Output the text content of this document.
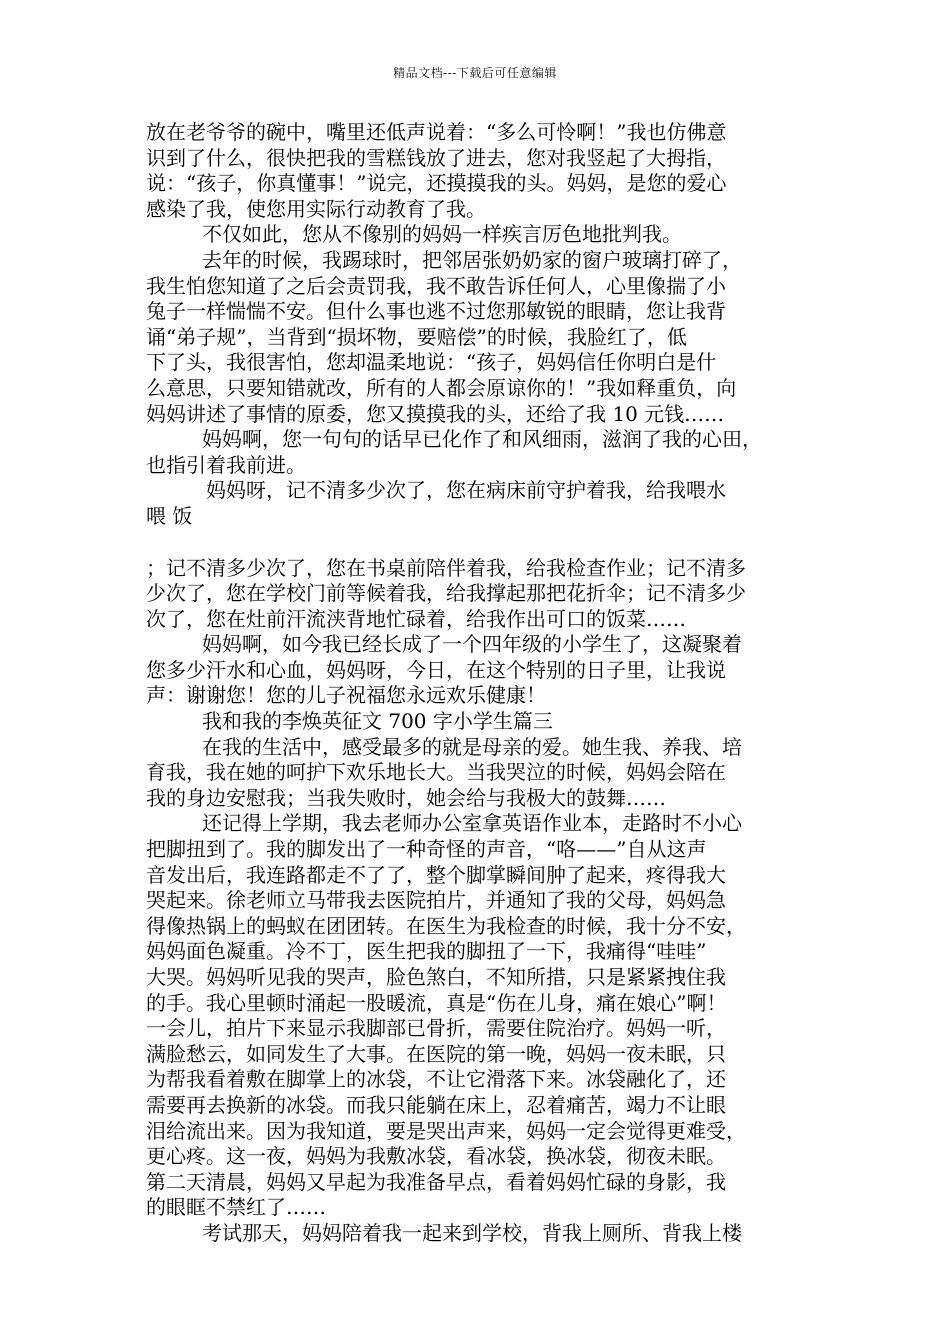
精品文档---下载后可任意编辑
放在老爷爷的碗中，嘴里还低声说着：“多么可怜啊！”我也仿佛意
识到了什么，很快把我的雪糕钱放了进去，您对我竖起了大拇指，
说：“孩子，你真懂事！”说完，还摸摸我的头。妈妈，是您的爱心
感染了我，使您用实际行动教育了我。
不仅如此，您从不像别的妈妈一样疾言厉色地批判我。
去年的时候，我踢球时，把邻居张奶奶家的窗户玻璃打碎了，
我生怕您知道了之后会责罚我，我不敢告诉任何人，心里像揣了小
兔子一样惴惴不安。但什么事也逃不过您那敏锐的眼睛，您让我背
诵“弟子规”，当背到“损坏物，要赔偿”的时候，我脸红了，低
下了头，我很害怕，您却温柔地说：“孩子，妈妈信任你明白是什
么意思，只要知错就改，所有的人都会原谅你的！”我如释重负，向
妈妈讲述了事情的原委，您又摸摸我的头，还给了我 10 元钱……
妈妈啊，您一句句的话早已化作了和风细雨，滋润了我的心田，
也指引着我前进。
妈妈呀，记不清多少次了，您在病床前守护着我，给我喂水
喂 饭
；记不清多少次了，您在书桌前陪伴着我，给我检查作业；记不清多
少次了，您在学校门前等候着我，给我撑起那把花折伞；记不清多少
次了，您在灶前汗流浃背地忙碌着，给我作出可口的饭菜……
妈妈啊，如今我已经长成了一个四年级的小学生了，这凝聚着
您多少汗水和心血，妈妈呀，今日，在这个特别的日子里，让我说
声：谢谢您！您的儿子祝福您永远欢乐健康！
我和我的李焕英征文 700 字小学生篇三
在我的生活中，感受最多的就是母亲的爱。她生我、养我、培
育我，我在她的呵护下欢乐地长大。当我哭泣的时候，妈妈会陪在
我的身边安慰我；当我失败时，她会给与我极大的鼓舞……
还记得上学期，我去老师办公室拿英语作业本，走路时不小心
把脚扭到了。我的脚发出了一种奇怪的声音，“咯——”自从这声
音发出后，我连路都走不了了，整个脚掌瞬间肿了起来，疼得我大
哭起来。徐老师立马带我去医院拍片，并通知了我的父母，妈妈急
得像热锅上的蚂蚁在团团转。在医生为我检查的时候，我十分不安，
妈妈面色凝重。冷不丁，医生把我的脚扭了一下，我痛得“哇哇”
大哭。妈妈听见我的哭声，脸色煞白，不知所措，只是紧紧拽住我
的手。我心里顿时涌起一股暖流，真是“伤在儿身，痛在娘心”啊！
一会儿，拍片下来显示我脚部已骨折，需要住院治疗。妈妈一听，
满脸愁云，如同发生了大事。在医院的第一晚，妈妈一夜未眠，只
为帮我看着敷在脚掌上的冰袋，不让它滑落下来。冰袋融化了，还
需要再去换新的冰袋。而我只能躺在床上，忍着痛苦，竭力不让眼
泪给流出来。因为我知道，要是哭出声来，妈妈一定会觉得更难受，
更心疼。这一夜，妈妈为我敷冰袋，看冰袋，换冰袋，彻夜未眠。
第二天清晨，妈妈又早起为我准备早点，看着妈妈忙碌的身影，我
的眼眶不禁红了……
考试那天，妈妈陪着我一起来到学校，背我上厕所、背我上楼
